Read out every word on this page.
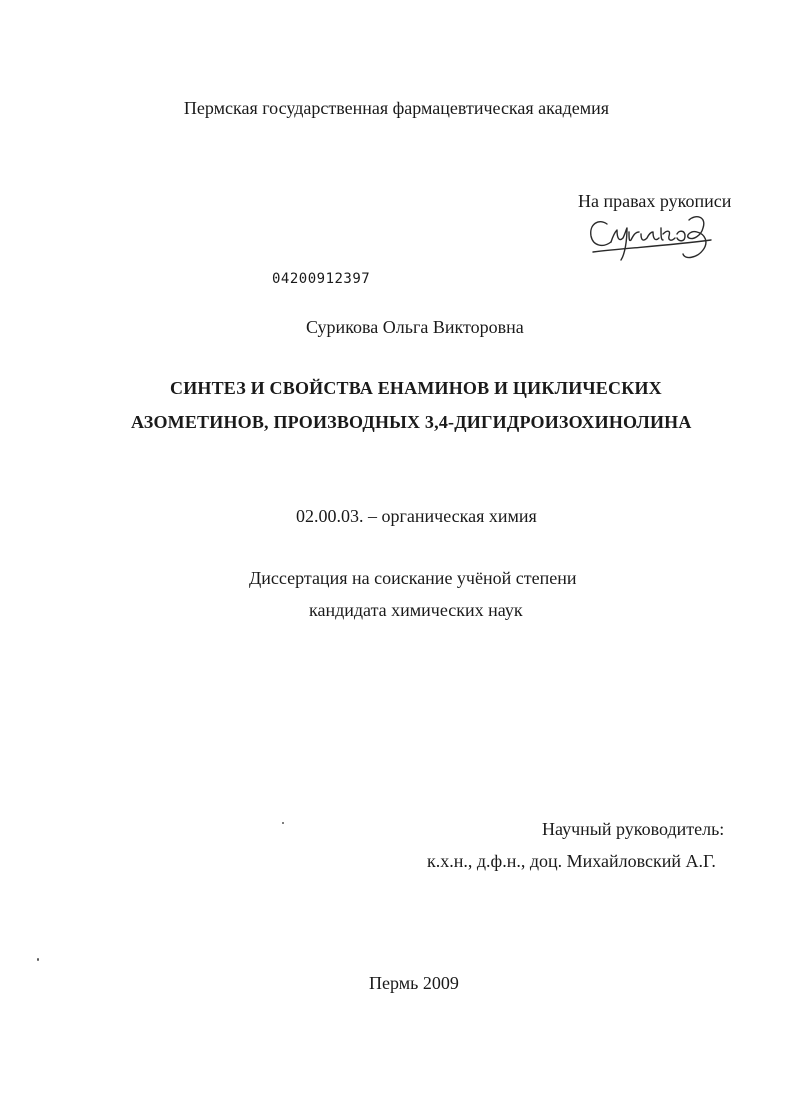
Пермская государственная фармацевтическая академия
На правах рукописи
04200912397
Сурикова Ольга Викторовна
СИНТЕЗ И СВОЙСТВА ЕНАМИНОВ И ЦИКЛИЧЕСКИХ
АЗОМЕТИНОВ, ПРОИЗВОДНЫХ 3,4-ДИГИДРОИЗОХИНОЛИНА
02.00.03. – органическая химия
Диссертация на соискание учёной степени
кандидата химических наук
Научный руководитель:
к.х.н., д.ф.н., доц. Михайловский А.Г.
Пермь 2009
